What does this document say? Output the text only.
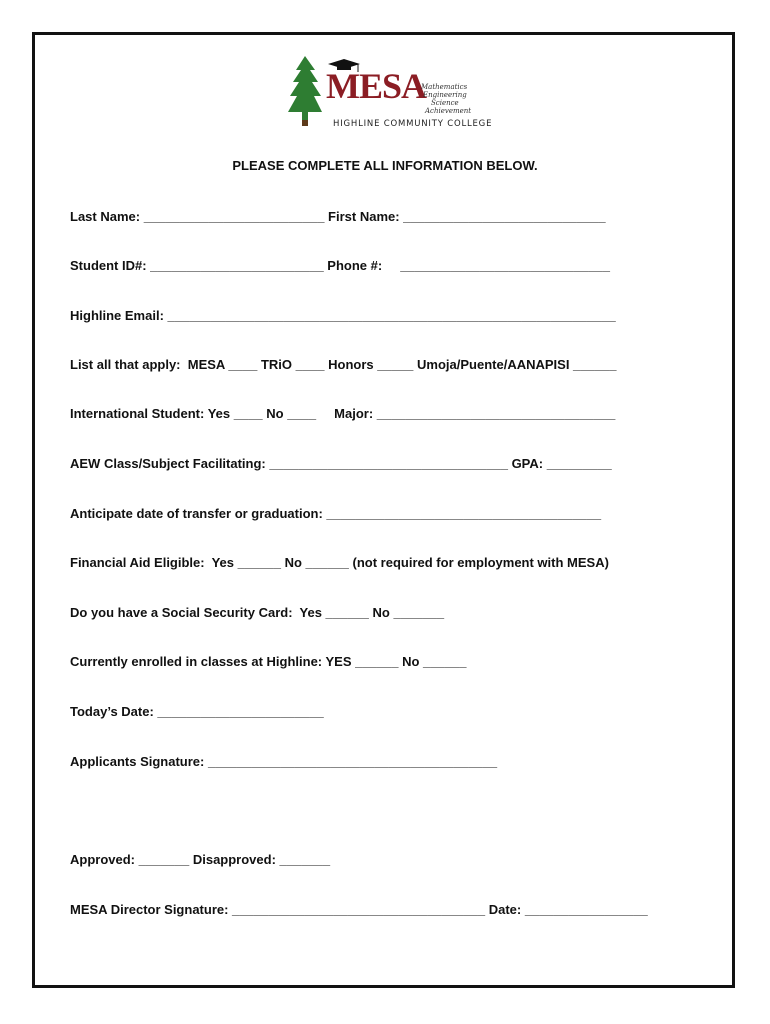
MESA
Mathematics
Engineering
Science
Achievement
HIGHLINE COMMUNITY COLLEGE
PLEASE COMPLETE ALL INFORMATION BELOW.
Last Name: _________________________ First Name: ____________________________
Student ID#: ________________________ Phone #:     _____________________________
Highline Email: ______________________________________________________________
List all that apply:  MESA ____ TRiO ____ Honors _____ Umoja/Puente/AANAPISI ______
International Student: Yes ____ No ____     Major: _________________________________
AEW Class/Subject Facilitating: _________________________________ GPA: _________
Anticipate date of transfer or graduation: ______________________________________
Financial Aid Eligible:  Yes ______ No ______ (not required for employment with MESA)
Do you have a Social Security Card:  Yes ______ No _______
Currently enrolled in classes at Highline: YES ______ No ______
Today’s Date: _______________________
Applicants Signature: ________________________________________
Approved: _______ Disapproved: _______
MESA Director Signature: ___________________________________ Date: _________________
